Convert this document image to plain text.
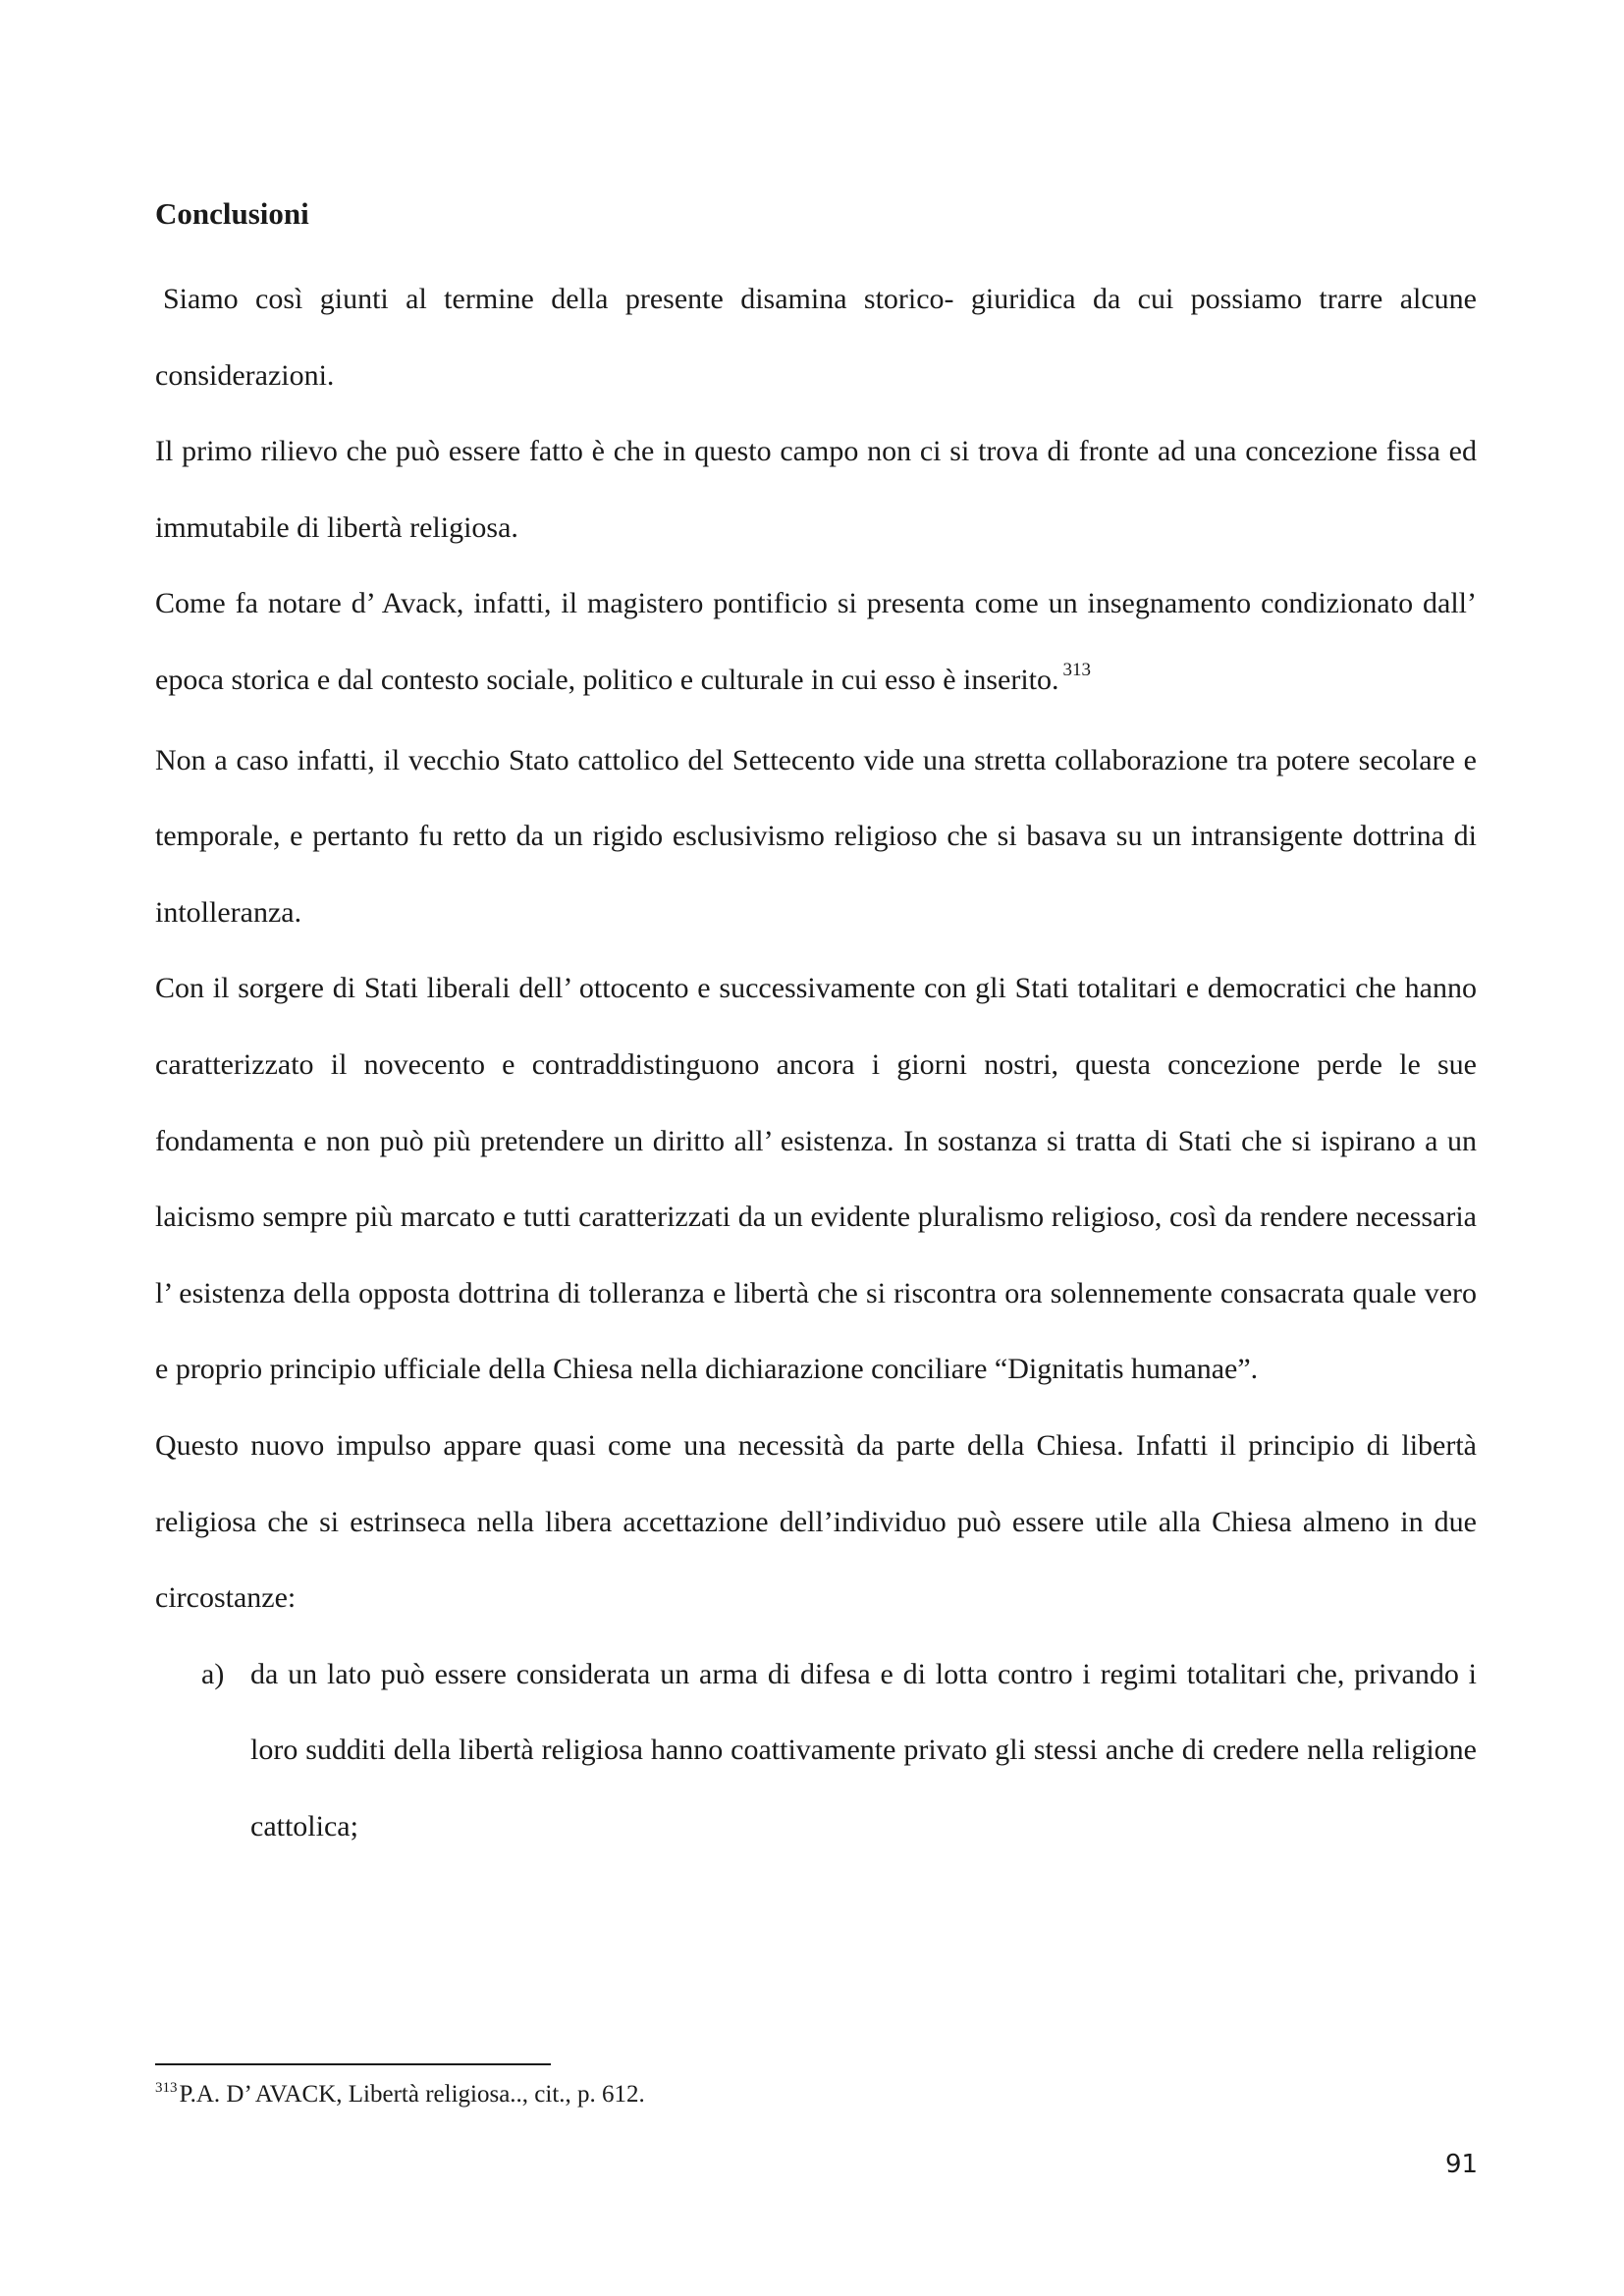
Conclusioni

Siamo così giunti al termine della presente disamina storico- giuridica da cui possiamo trarre alcune considerazioni.

Il primo rilievo che può essere fatto è che in questo campo non ci si trova di fronte ad una concezione fissa ed immutabile di libertà religiosa.

Come fa notare d’ Avack, infatti, il magistero pontificio si presenta come un insegnamento condizionato dall’ epoca storica e dal contesto sociale, politico e culturale in cui esso è inserito. $^{313}$

Non a caso infatti, il vecchio Stato cattolico del Settecento vide una stretta collaborazione tra potere secolare e temporale, e pertanto fu retto da un rigido esclusivismo religioso che si basava su un intransigente dottrina di intolleranza.

Con il sorgere di Stati liberali dell’ ottocento e successivamente con gli Stati totalitari e democratici che hanno caratterizzato il novecento e contraddistinguono ancora i giorni nostri, questa concezione perde le sue fondamenta e non può più pretendere un diritto all’ esistenza. In sostanza si tratta di Stati che si ispirano a un laicismo sempre più marcato e tutti caratterizzati da un evidente pluralismo religioso, così da rendere necessaria l’ esistenza della opposta dottrina di tolleranza e libertà che si riscontra ora solennemente consacrata quale vero e proprio principio ufficiale della Chiesa nella dichiarazione conciliare “Dignitatis humanae”.

Questo nuovo impulso appare quasi come una necessità da parte della Chiesa. Infatti il principio di libertà religiosa che si estrinseca nella libera accettazione dell’individuo può essere utile alla Chiesa almeno in due circostanze:

a) da un lato può essere considerata un arma di difesa e di lotta contro i regimi totalitari che, privando i loro sudditi della libertà religiosa hanno coattivamente privato gli stessi anche di credere nella religione cattolica;
$^{313}$P.A. D’ AVACK, Libertà religiosa.., cit., p. 612.
91
